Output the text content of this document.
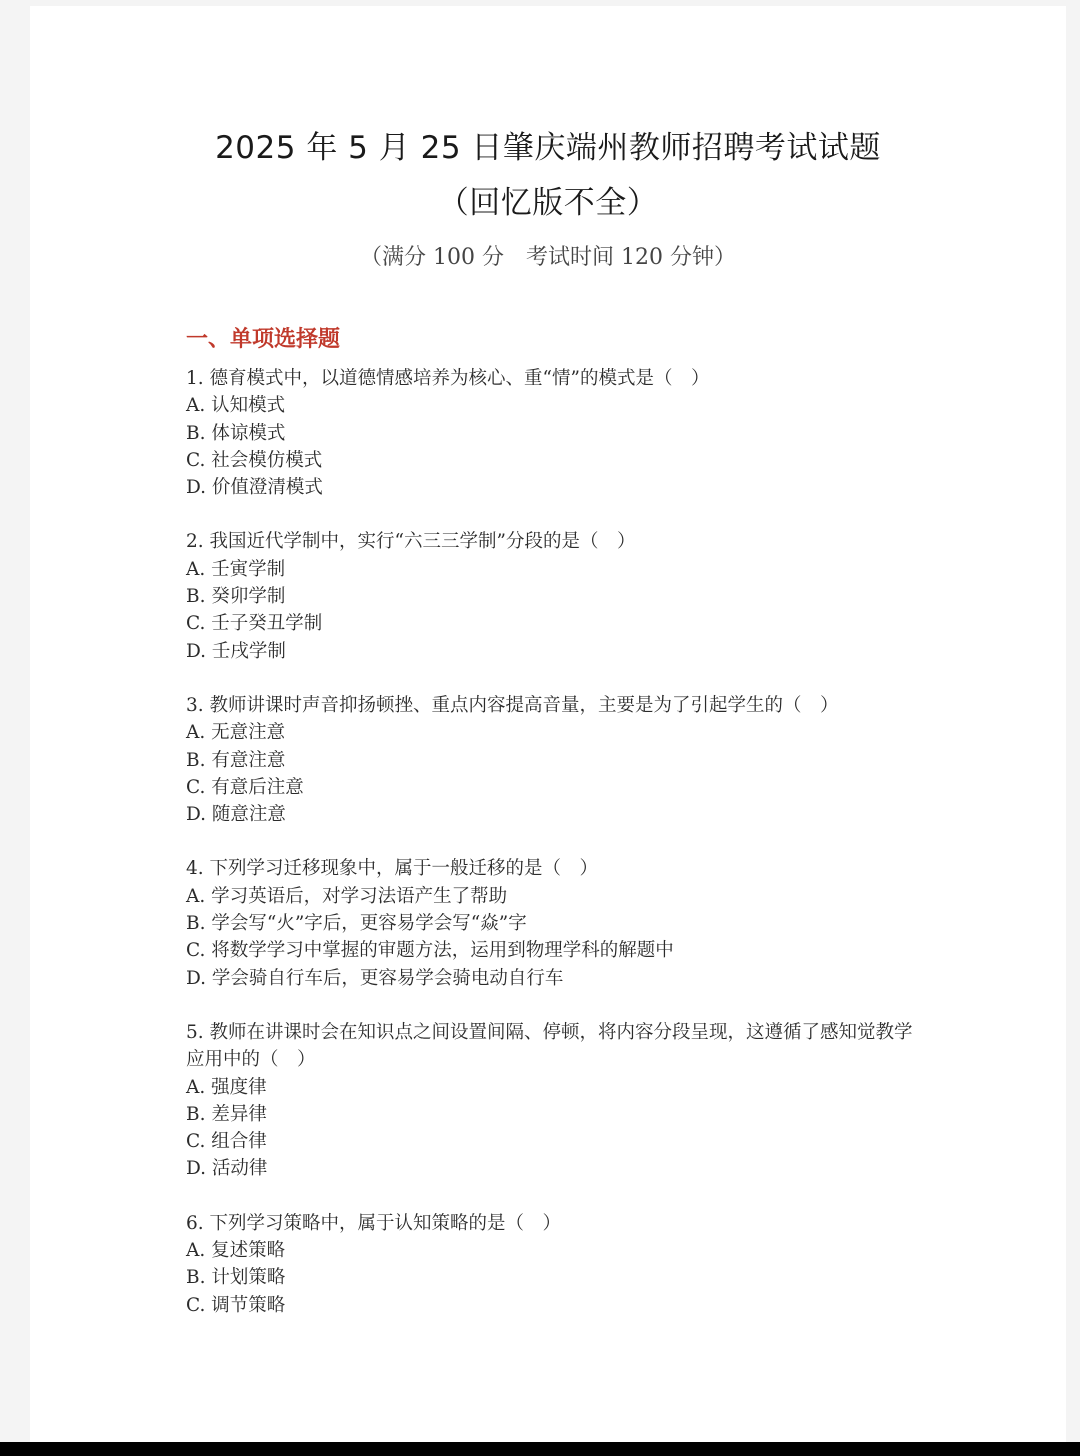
2025 年 5 月 25 日肇庆端州教师招聘考试试题
（回忆版不全）
（满分 100 分　考试时间 120 分钟）
一、单项选择题
1. 德育模式中，以道德情感培养为核心、重“情”的模式是（　）
A. 认知模式
B. 体谅模式
C. 社会模仿模式
D. 价值澄清模式
2. 我国近代学制中，实行“六三三学制”分段的是（　）
A. 壬寅学制
B. 癸卯学制
C. 壬子癸丑学制
D. 壬戌学制
3. 教师讲课时声音抑扬顿挫、重点内容提高音量，主要是为了引起学生的（　）
A. 无意注意
B. 有意注意
C. 有意后注意
D. 随意注意
4. 下列学习迁移现象中，属于一般迁移的是（　）
A. 学习英语后，对学习法语产生了帮助
B. 学会写“火”字后，更容易学会写“焱”字
C. 将数学学习中掌握的审题方法，运用到物理学科的解题中
D. 学会骑自行车后，更容易学会骑电动自行车
5. 教师在讲课时会在知识点之间设置间隔、停顿，将内容分段呈现，这遵循了感知觉教学应用中的（　）
A. 强度律
B. 差异律
C. 组合律
D. 活动律
6. 下列学习策略中，属于认知策略的是（　）
A. 复述策略
B. 计划策略
C. 调节策略
